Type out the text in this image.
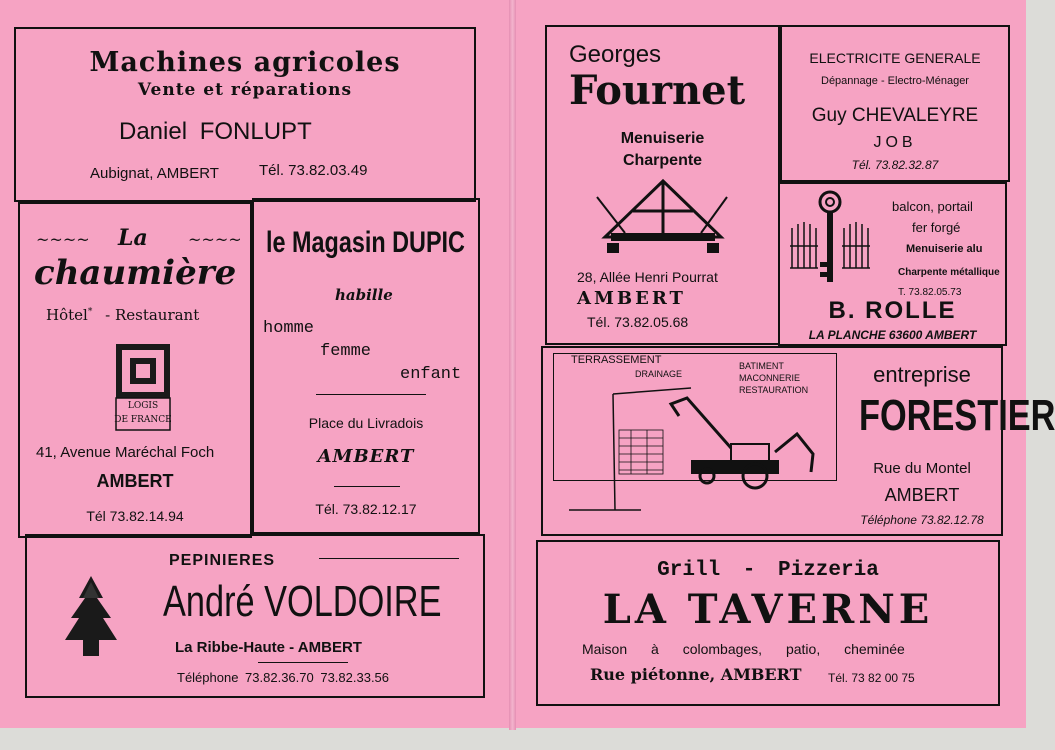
Machines agricoles
Vente et réparations
Daniel FONLUPT
Aubignat, AMBERT	Tél. 73.82.03.49
~~~~ La	~~~~
chaumière
Hôtel* - Restaurant
LOGIS
DE FRANCE
41, Avenue Maréchal Foch
AMBERT
Tél 73.82.14.94
le Magasin DUPIC
habille
homme
femme
enfant
Place du Livradois
AMBERT
Tél. 73.82.12.17
PEPINIERES
André VOLDOIRE
La Ribbe-Haute - AMBERT
Téléphone 73.82.36.70 73.82.33.56
Georges
Fournet
Menuiserie
Charpente
28, Allée Henri Pourrat
AMBERT
Tél. 73.82.05.68
ELECTRICITE GENERALE
Dépannage - Electro-Ménager
Guy CHEVALEYRE
JOB
Tél. 73.82.32.87
balcon, portail
fer forgé
Menuiserie alu
Charpente métallique
T. 73.82.05.73
B. ROLLE
LA PLANCHE 63600 AMBERT
TERRASSEMENT
DRAINAGE
BATIMENT
MACONNERIE
RESTAURATION
entreprise
FORESTIER
Rue du Montel
AMBERT
Téléphone 73.82.12.78
Grill - Pizzeria
LA TAVERNE
Maison à colombages, patio, cheminée
Rue piétonne, AMBERT Tél. 73 82 00 75
